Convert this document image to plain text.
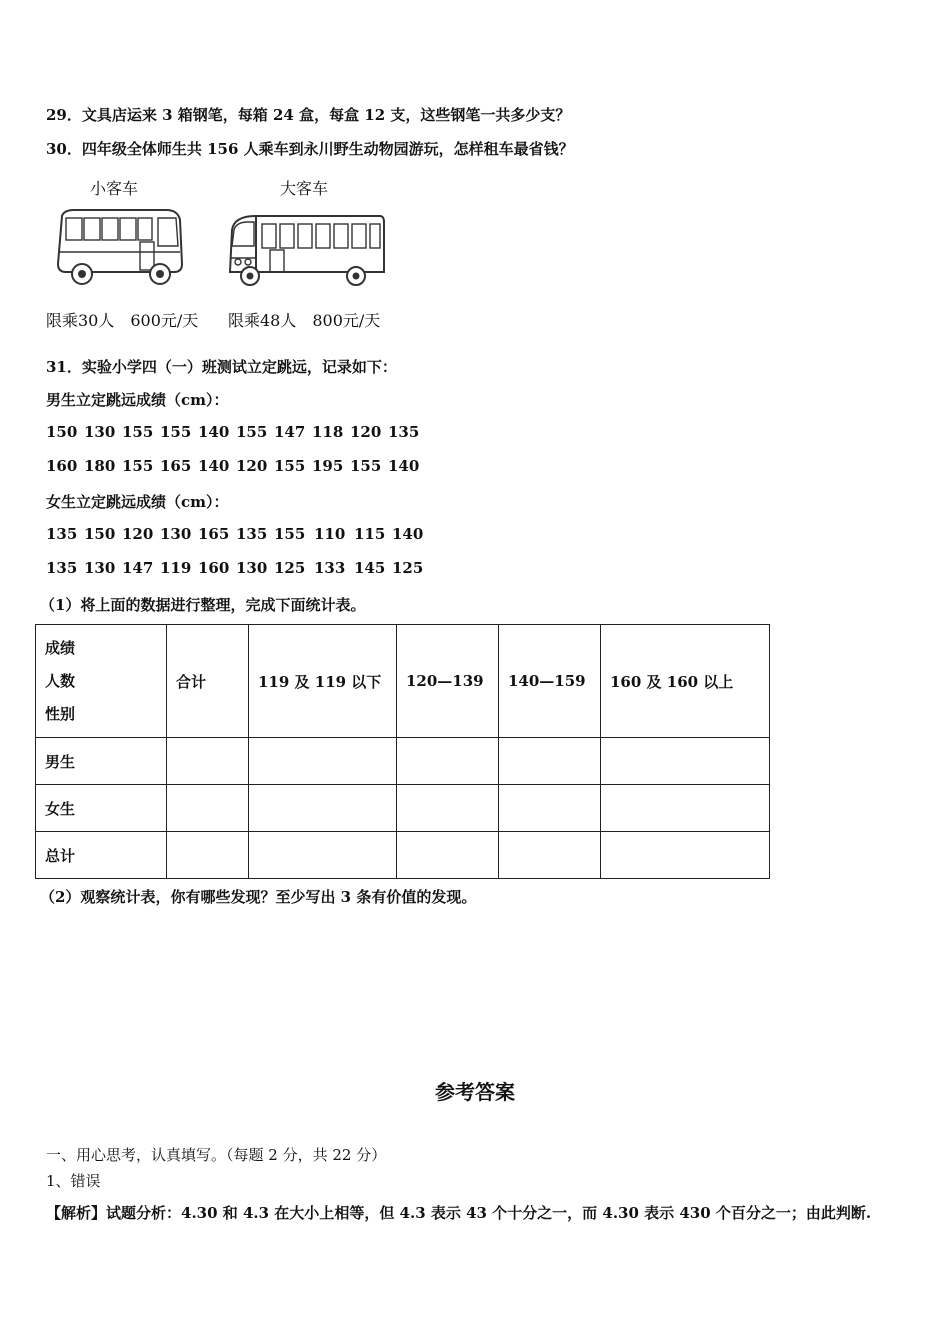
29．文具店运来 3 箱钢笔，每箱 24 盒，每盒 12 支，这些钢笔一共多少支？
30．四年级全体师生共 156 人乘车到永川野生动物园游玩，怎样租车最省钱？
小客车	大客车
限乘30人　600元/天 限乘48人　800元/天
31．实验小学四（一）班测试立定跳远，记录如下：
男生立定跳远成绩（cm）：
150 130 155 155 140 155 147 118 120 135
160 180 155 165 140 120 155 195 155 140
女生立定跳远成绩（cm）：
135 150 120 130 165 135 155 110 115 140
135 130 147 119 160 130 125 133 145 125
（1）将上面的数据进行整理，完成下面统计表。
成绩
人数
性别	合计	119 及 119 以下	120—139	140—159	160 及 160 以上
男生					
女生					
总计					
（2）观察统计表，你有哪些发现？至少写出 3 条有价值的发现。
参考答案
一、用心思考，认真填写。（每题 2 分，共 22 分）
1、错误
【解析】试题分析：4.30 和 4.3 在大小上相等，但 4.3 表示 43 个十分之一，而 4.30 表示 430 个百分之一；由此判断.
